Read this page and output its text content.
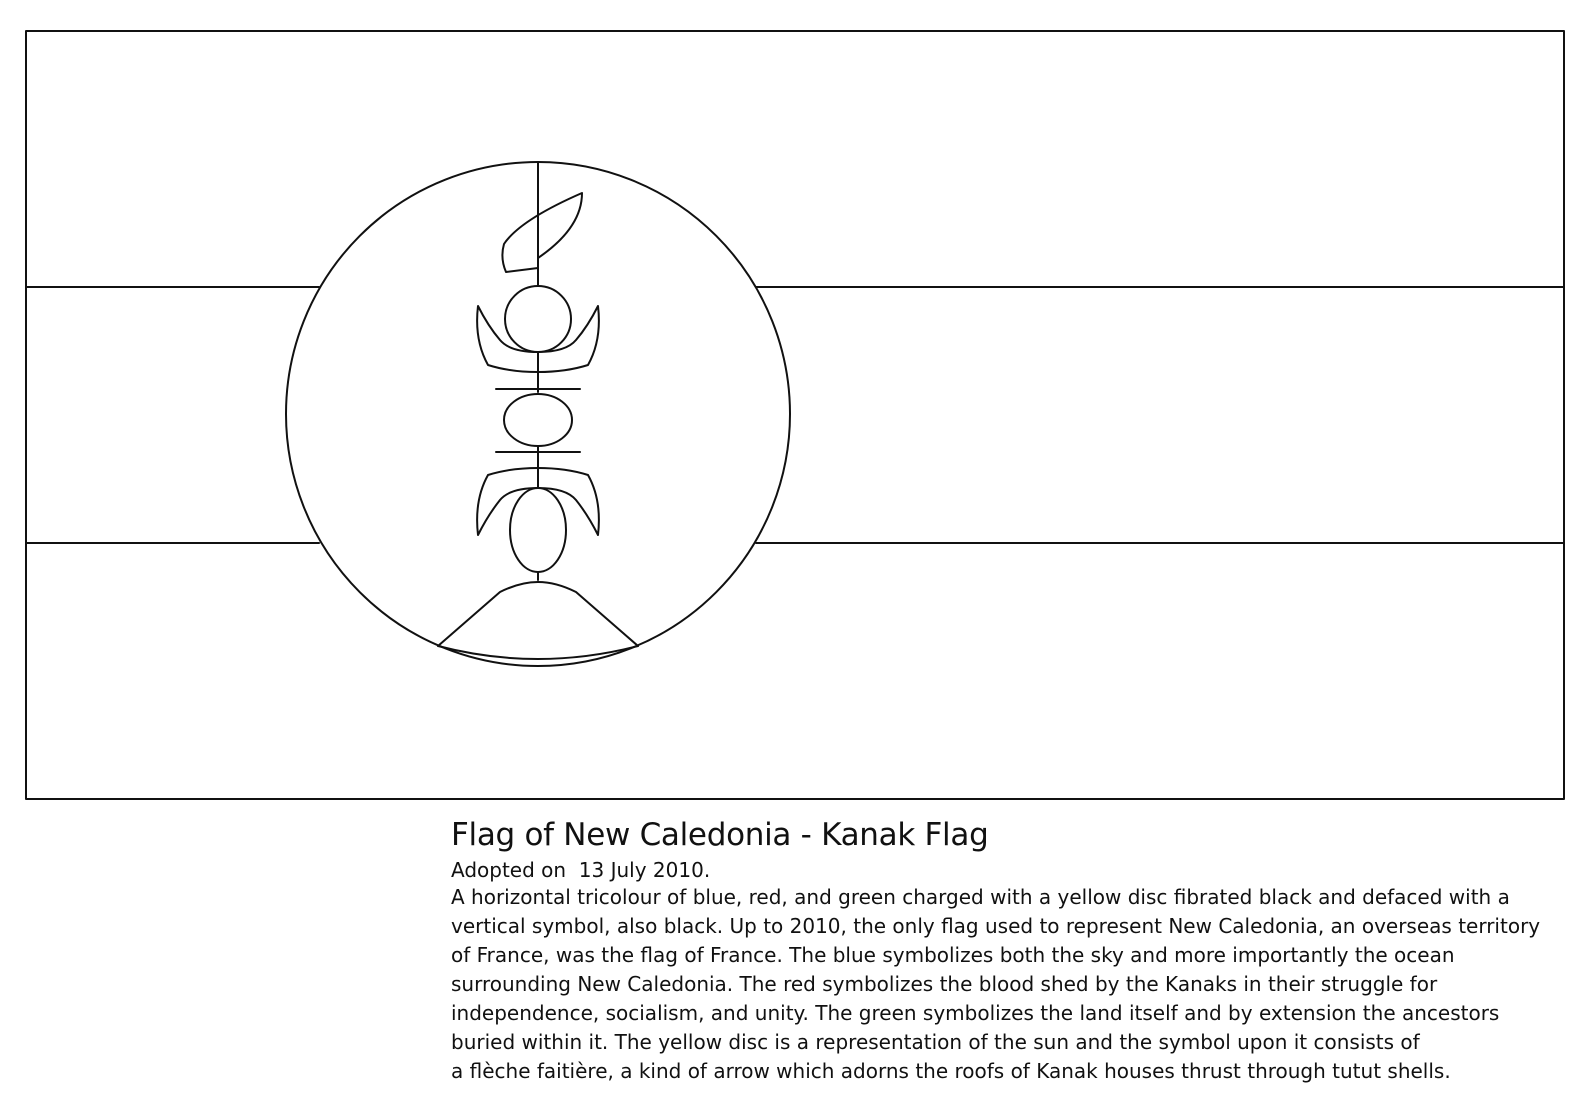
Flag of New Caledonia - Kanak Flag
Adopted on  13 July 2010.
A horizontal tricolour of blue, red, and green charged with a yellow disc fibrated black and defaced with a
vertical symbol, also black. Up to 2010, the only flag used to represent New Caledonia, an overseas territory
of France, was the flag of France. The blue symbolizes both the sky and more importantly the ocean
surrounding New Caledonia. The red symbolizes the blood shed by the Kanaks in their struggle for
independence, socialism, and unity. The green symbolizes the land itself and by extension the ancestors
buried within it. The yellow disc is a representation of the sun and the symbol upon it consists of
a flèche faitière, a kind of arrow which adorns the roofs of Kanak houses thrust through tutut shells.
